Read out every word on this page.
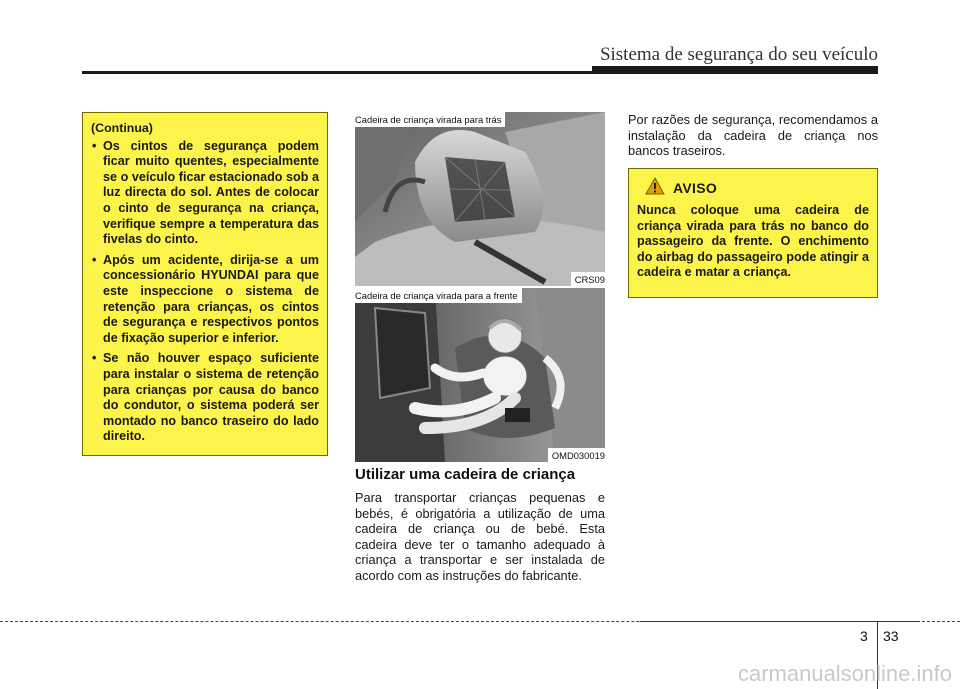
Sistema de segurança do seu veículo
(Continua)
• Os cintos de segurança podem ficar muito quentes, especialmente se o veículo ficar estacionado sob a luz directa do sol. Antes de colocar o cinto de segurança na criança, verifique sempre a temperatura das fivelas do cinto.
• Após um acidente, dirija-se a um concessionário HYUNDAI para que este inspeccione o sistema de retenção para crianças, os cintos de segurança e respectivos pontos de fixação superior e inferior.
• Se não houver espaço suficiente para instalar o sistema de retenção para crianças por causa do banco do condutor, o sistema poderá ser montado no banco traseiro do lado direito.
Cadeira de criança virada para trás
CRS09
Cadeira de criança virada para a frente
OMD030019
Utilizar uma cadeira de criança

Para transportar crianças pequenas e bebés, é obrigatória a utilização de uma cadeira de criança ou de bebé. Esta cadeira deve ter o tamanho adequado à criança a transportar e ser instalada de acordo com as instruções do fabricante.

Por razões de segurança, recomendamos a instalação da cadeira de criança nos bancos traseiros.

AVISO

Nunca coloque uma cadeira de criança virada para trás no banco do passageiro da frente. O enchimento do airbag do passageiro pode atingir a cadeira e matar a criança.

3 33
carmanualsonline.info
